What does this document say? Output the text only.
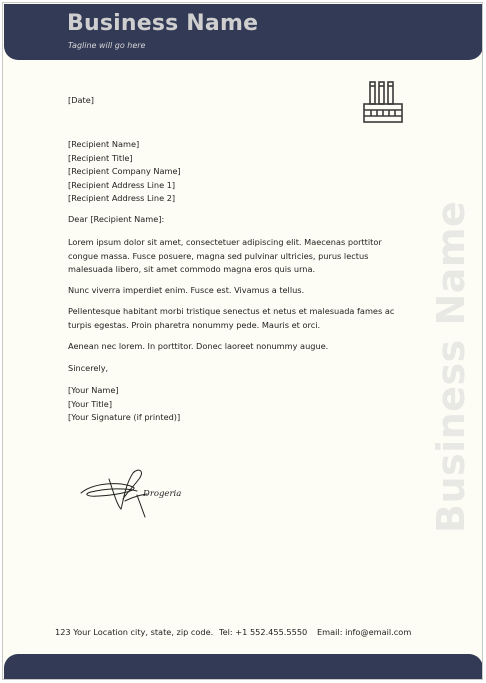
Business Name
Tagline will go here
Business Name
[Date]
[Recipient Name]
[Recipient Title]
[Recipient Company Name]
[Recipient Address Line 1]
[Recipient Address Line 2]
Dear [Recipient Name]:
Lorem ipsum dolor sit amet, consectetuer adipiscing elit. Maecenas porttitor congue massa. Fusce posuere, magna sed pulvinar ultricies, purus lectus malesuada libero, sit amet commodo magna eros quis urna.
Nunc viverra imperdiet enim. Fusce est. Vivamus a tellus.
Pellentesque habitant morbi tristique senectus et netus et malesuada fames ac turpis egestas. Proin pharetra nonummy pede. Mauris et orci.
Aenean nec lorem. In porttitor. Donec laoreet nonummy augue.
Sincerely,
[Your Name]
[Your Title]
[Your Signature (if printed)]
Drogeria
123 Your Location city, state, zip code. Tel: +1 552.455.5550 Email: info@email.com
